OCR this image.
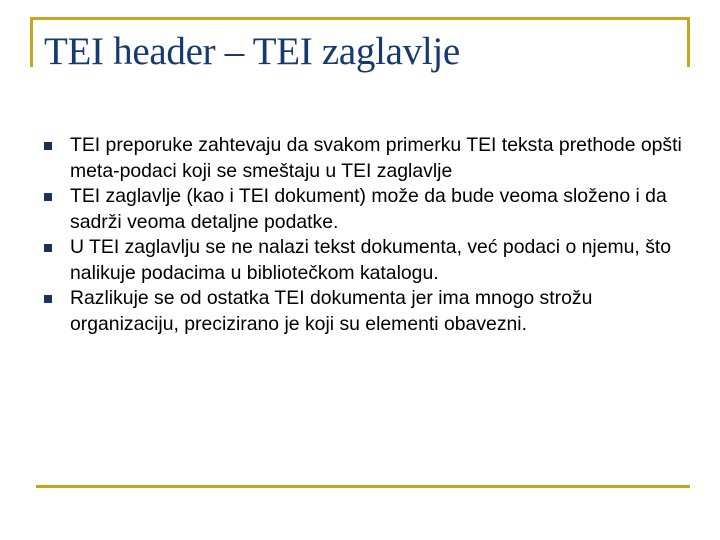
TEI header – TEI zaglavlje
TEI preporuke zahtevaju da svakom primerku TEI teksta prethode opšti meta-podaci koji se smeštaju u TEI zaglavlje
TEI zaglavlje (kao i TEI dokument) može da bude veoma složeno i da sadrži veoma detaljne podatke.
U TEI zaglavlju se ne nalazi tekst dokumenta, već podaci o njemu, što nalikuje podacima u bibliotečkom katalogu.
Razlikuje se od ostatka TEI dokumenta jer ima mnogo strožu organizaciju, precizirano je koji su elementi obavezni.
